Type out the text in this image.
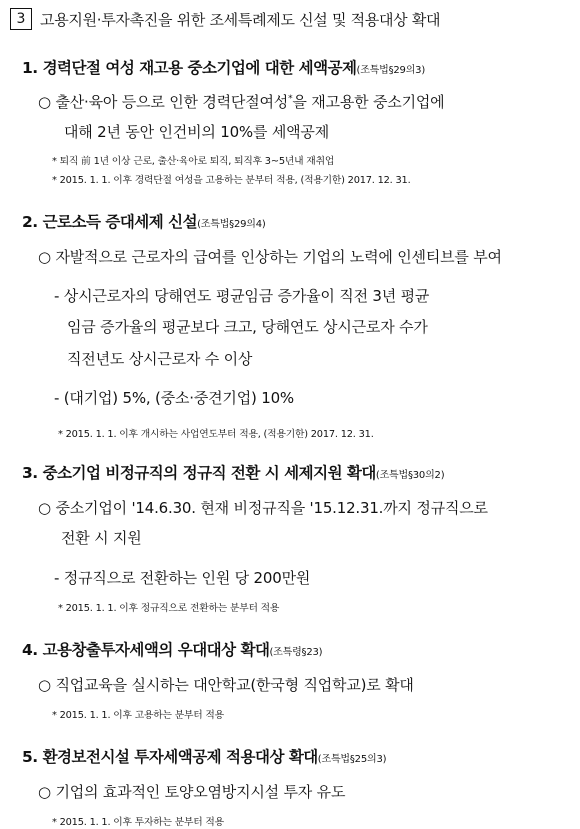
3 고용지원·투자촉진을 위한 조세특례제도 신설 및 적용대상 확대
1. 경력단절 여성 재고용 중소기업에 대한 세액공제(조특법§29의3)
○ 출산·육아 등으로 인한 경력단절여성*을 재고용한 중소기업에
대해 2년 동안 인건비의 10%를 세액공제
* 퇴직 前 1년 이상 근로, 출산·육아로 퇴직, 퇴직후 3~5년내 재취업
* 2015. 1. 1. 이후 경력단절 여성을 고용하는 분부터 적용, (적용기한) 2017. 12. 31.
2. 근로소득 증대세제 신설(조특법§29의4)
○ 자발적으로 근로자의 급여를 인상하는 기업의 노력에 인센티브를 부여
- 상시근로자의 당해연도 평균임금 증가율이 직전 3년 평균
임금 증가율의 평균보다 크고, 당해연도 상시근로자 수가
직전년도 상시근로자 수 이상
- (대기업) 5%, (중소·중견기업) 10%
* 2015. 1. 1. 이후 개시하는 사업연도부터 적용, (적용기한) 2017. 12. 31.
3. 중소기업 비정규직의 정규직 전환 시 세제지원 확대(조특법§30의2)
○ 중소기업이 '14.6.30. 현재 비정규직을 '15.12.31.까지 정규직으로
전환 시 지원
- 정규직으로 전환하는 인원 당 200만원
* 2015. 1. 1. 이후 정규직으로 전환하는 분부터 적용
4. 고용창출투자세액의 우대대상 확대(조특령§23)
○ 직업교육을 실시하는 대안학교(한국형 직업학교)로 확대
* 2015. 1. 1. 이후 고용하는 분부터 적용
5. 환경보전시설 투자세액공제 적용대상 확대(조특법§25의3)
○ 기업의 효과적인 토양오염방지시설 투자 유도
* 2015. 1. 1. 이후 투자하는 분부터 적용
